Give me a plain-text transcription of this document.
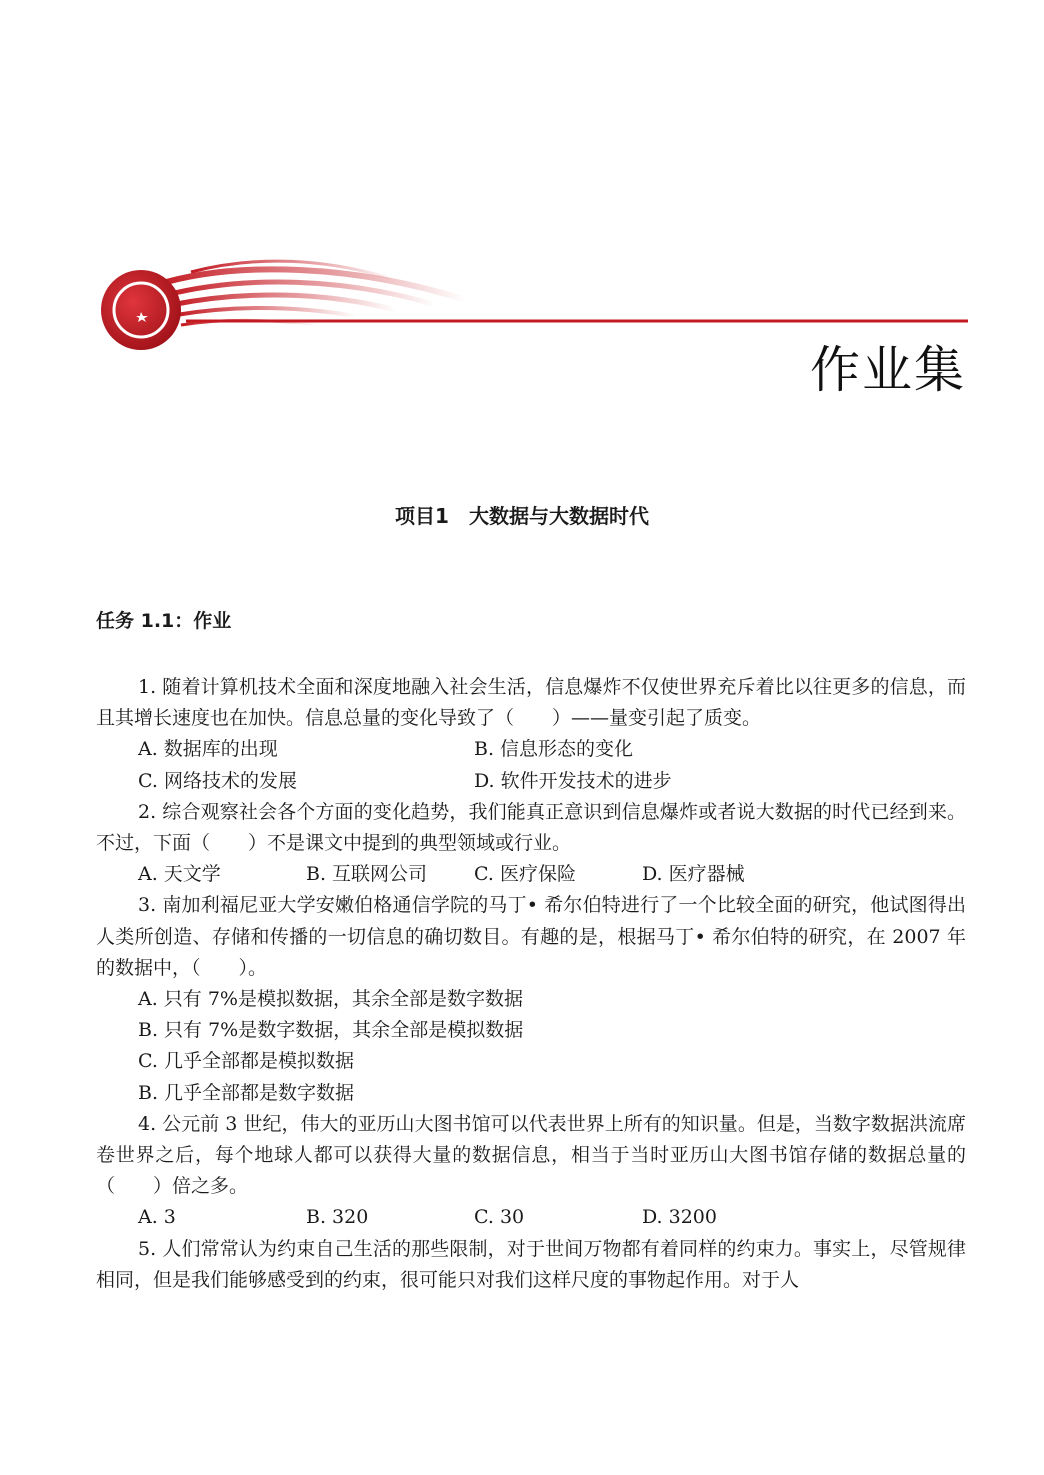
作业集
项目1　大数据与大数据时代
任务 1.1：作业

1. 随着计算机技术全面和深度地融入社会生活，信息爆炸不仅使世界充斥着比以往更多的信息，而且其增长速度也在加快。信息总量的变化导致了（　　）——量变引起了质变。

A. 数据库的出现	B. 信息形态的变化
C. 网络技术的发展	D. 软件开发技术的进步

2. 综合观察社会各个方面的变化趋势，我们能真正意识到信息爆炸或者说大数据的时代已经到来。不过，下面（　　）不是课文中提到的典型领域或行业。

A. 天文学	B. 互联网公司	C. 医疗保险	D. 医疗器械

3. 南加利福尼亚大学安嫩伯格通信学院的马丁• 希尔伯特进行了一个比较全面的研究，他试图得出人类所创造、存储和传播的一切信息的确切数目。有趣的是，根据马丁• 希尔伯特的研究，在 2007 年的数据中，（　　）。

A. 只有 7%是模拟数据，其余全部是数字数据

B. 只有 7%是数字数据，其余全部是模拟数据

C. 几乎全部都是模拟数据

B. 几乎全部都是数字数据

4. 公元前 3 世纪，伟大的亚历山大图书馆可以代表世界上所有的知识量。但是，当数字数据洪流席卷世界之后，每个地球人都可以获得大量的数据信息，相当于当时亚历山大图书馆存储的数据总量的（　　）倍之多。

A. 3	B. 320	C. 30	D. 3200

5. 人们常常认为约束自己生活的那些限制，对于世间万物都有着同样的约束力。事实上，尽管规律相同，但是我们能够感受到的约束，很可能只对我们这样尺度的事物起作用。对于人
